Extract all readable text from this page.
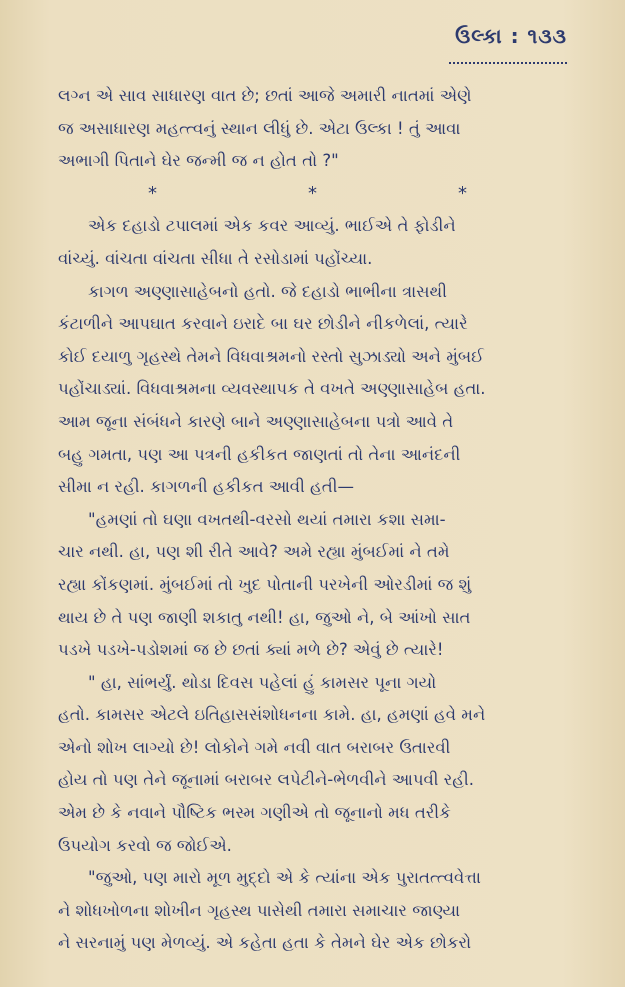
ઉલ્કા : ૧૩૩
લગ્ન એ સાવ સાધારણ વાત છે; છતાં આજે અમારી નાતમાં એણે
જ અસાધારણ મહત્ત્વનું સ્થાન લીધું છે. એટા ઉલ્કા ! તું આવા
અભાગી પિતાને ઘેર જન્મી જ ન હોત તો ?"
*	*	*
એક દહાડો ટપાલમાં એક કવર આવ્યું. ભાઈએ તે ફોડીને
વાંચ્યું. વાંચતા વાંચતા સીધા તે રસોડામાં પહોંચ્યા.
કાગળ અણ્ણાસાહેબનો હતો. જે દહાડો ભાભીના ત્રાસથી
કંટાળીને આપઘાત કરવાને ઇરાદે બા ઘર છોડીને નીકળેલાં, ત્યારે
કોઈ દયાળુ ગૃહસ્થે તેમને વિધવાશ્રમનો રસ્તો સુઝાડ્યો અને મુંબઈ
પહોંચાડ્યાં. વિધવાશ્રમના વ્યવસ્થાપક તે વખતે અણ્ણાસાહેબ હતા.
આમ જૂના સંબંધને કારણે બાને અણ્ણાસાહેબના પત્રો આવે તે
બહુ ગમતા, પણ આ પત્રની હકીકત જાણતાં તો તેના આનંદની
સીમા ન રહી. કાગળની હકીકત આવી હતી—
"હમણાં તો ઘણા વખતથી-વરસો થયાં તમારા કશા સમા-
ચાર નથી. હા, પણ શી રીતે આવે? અમે રહ્યા મુંબઈમાં ને તમે
રહ્યા કોંકણમાં. મુંબઈમાં તો ખુદ પોતાની પરખેની ઓરડીમાં જ શું
થાય છે તે પણ જાણી શકાતુ નથી! હા, જુઓ ને, બે આંખો સાત
પડખે પડખે-પડોશમાં જ છે છતાં ક્યાં મળે છે? એવું છે ત્યારે!
" હા, સાંભર્યું. થોડા દિવસ પહેલાં હું કામસર પૂના ગયો
હતો. કામસર એટલે ઇતિહાસસંશોધનના કામે. હા, હમણાં હવે મને
એનો શોખ લાગ્યો છે! લોકોને ગમે નવી વાત બરાબર ઉતારવી
હોય તો પણ તેને જૂનામાં બરાબર લપેટીને-ભેળવીને આપવી રહી.
એમ છે કે નવાને પૌષ્ટિક ભસ્મ ગણીએ તો જૂનાનો મધ તરીકે
ઉપયોગ કરવો જ જોઈએ.
"જુઓ, પણ મારો મૂળ મુદ્દો એ કે ત્યાંના એક પુરાતત્ત્વવેત્તા
ને શોધખોળના શોખીન ગૃહસ્થ પાસેથી તમારા સમાચાર જાણ્યા
ને સરનામું પણ મેળવ્યું. એ કહેતા હતા કે તેમને ઘેર એક છોકરો
